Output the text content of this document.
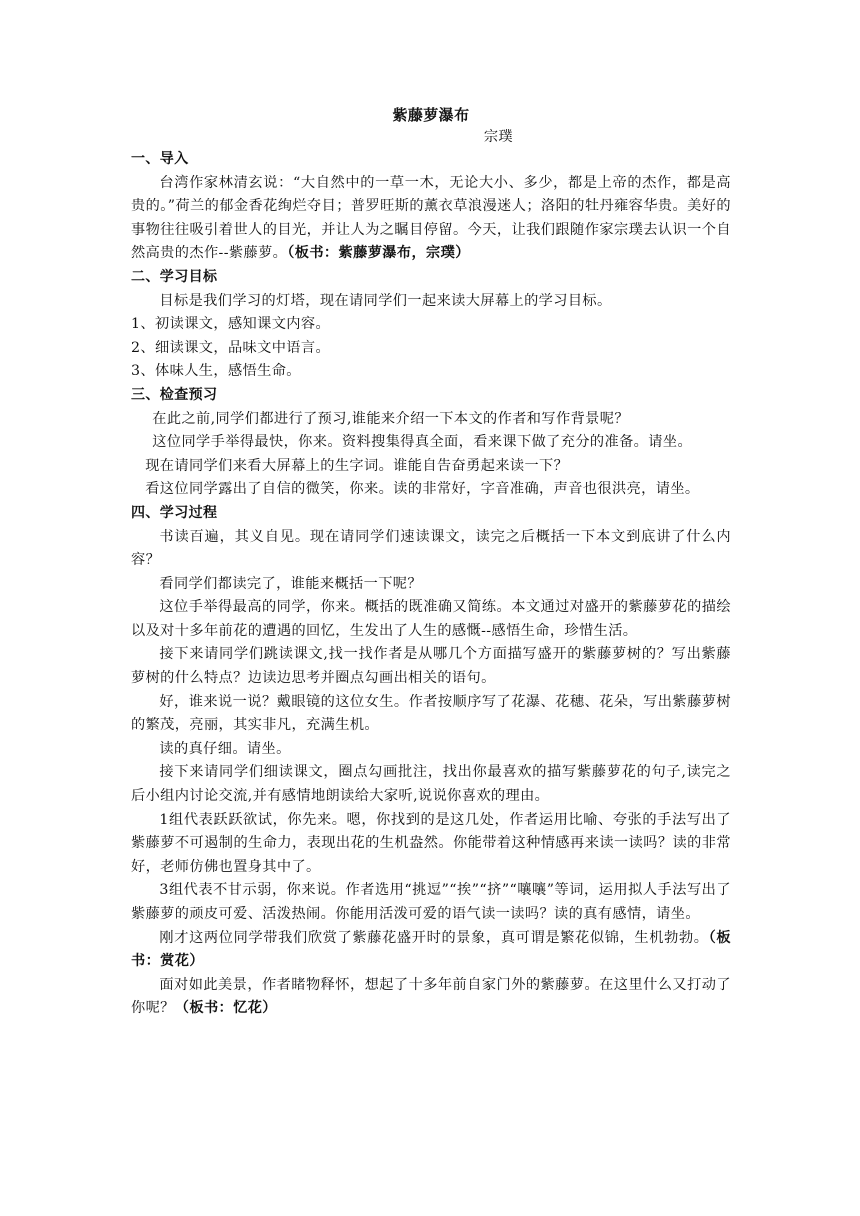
紫藤萝瀑布
宗璞
一、导入

台湾作家林清玄说：“大自然中的一草一木，无论大小、多少，都是上帝的杰作，都是高贵的。”荷兰的郁金香花绚烂夺目；普罗旺斯的薰衣草浪漫迷人；洛阳的牡丹雍容华贵。美好的事物往往吸引着世人的目光，并让人为之瞩目停留。今天，让我们跟随作家宗璞去认识一个自然高贵的杰作--紫藤萝。（板书：紫藤萝瀑布，宗璞）

二、学习目标

目标是我们学习的灯塔，现在请同学们一起来读大屏幕上的学习目标。

1、初读课文，感知课文内容。

2、细读课文，品味文中语言。

3、体味人生，感悟生命。

三、检查预习

在此之前,同学们都进行了预习,谁能来介绍一下本文的作者和写作背景呢？

这位同学手举得最快，你来。资料搜集得真全面，看来课下做了充分的准备。请坐。

现在请同学们来看大屏幕上的生字词。谁能自告奋勇起来读一下？

看这位同学露出了自信的微笑，你来。读的非常好，字音准确，声音也很洪亮，请坐。

四、学习过程

书读百遍，其义自见。现在请同学们速读课文，读完之后概括一下本文到底讲了什么内容？

看同学们都读完了，谁能来概括一下呢？

这位手举得最高的同学，你来。概括的既准确又简练。本文通过对盛开的紫藤萝花的描绘以及对十多年前花的遭遇的回忆，生发出了人生的感慨--感悟生命，珍惜生活。

接下来请同学们跳读课文,找一找作者是从哪几个方面描写盛开的紫藤萝树的？写出紫藤萝树的什么特点？边读边思考并圈点勾画出相关的语句。

好，谁来说一说？戴眼镜的这位女生。作者按顺序写了花瀑、花穗、花朵，写出紫藤萝树的繁茂，亮丽，其实非凡，充满生机。

读的真仔细。请坐。

接下来请同学们细读课文，圈点勾画批注，找出你最喜欢的描写紫藤萝花的句子,读完之后小组内讨论交流,并有感情地朗读给大家听,说说你喜欢的理由。

1组代表跃跃欲试，你先来。嗯，你找到的是这几处，作者运用比喻、夸张的手法写出了紫藤萝不可遏制的生命力，表现出花的生机盎然。你能带着这种情感再来读一读吗？读的非常好，老师仿佛也置身其中了。

3组代表不甘示弱，你来说。作者选用“挑逗”“挨”“挤”“嚷嚷”等词，运用拟人手法写出了紫藤萝的顽皮可爱、活泼热闹。你能用活泼可爱的语气读一读吗？读的真有感情，请坐。

刚才这两位同学带我们欣赏了紫藤花盛开时的景象，真可谓是繁花似锦，生机勃勃。（板书：赏花）

面对如此美景，作者睹物释怀，想起了十多年前自家门外的紫藤萝。在这里什么又打动了你呢？（板书：忆花）
